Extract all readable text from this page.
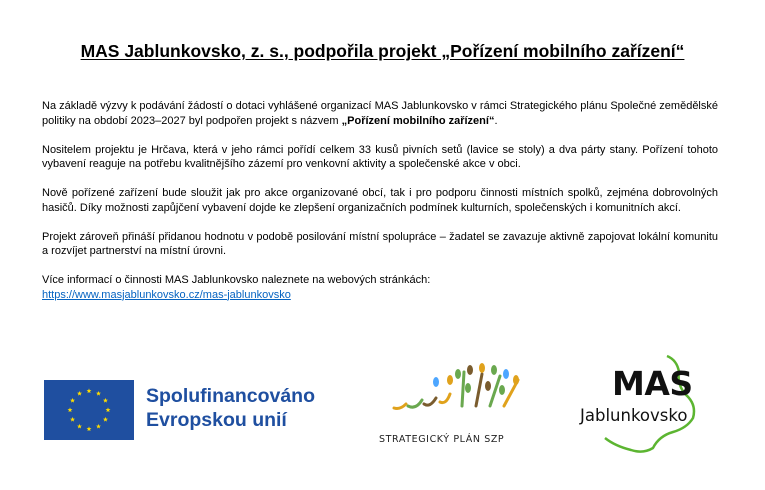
MAS Jablunkovsko, z. s., podpořila projekt „Pořízení mobilního zařízení“

Na základě výzvy k podávání žádostí o dotaci vyhlášené organizací MAS Jablunkovsko v rámci Strategického plánu Společné zemědělské politiky na období 2023–2027 byl podpořen projekt s názvem „Pořízení mobilního zařízení“.

Nositelem projektu je Hrčava, která v jeho rámci pořídí celkem 33 kusů pivních setů (lavice se stoly) a dva párty stany. Pořízení tohoto vybavení reaguje na potřebu kvalitnějšího zázemí pro venkovní aktivity a společenské akce v obci.

Nově pořízené zařízení bude sloužit jak pro akce organizované obcí, tak i pro podporu činnosti místních spolků, zejména dobrovolných hasičů. Díky možnosti zapůjčení vybavení dojde ke zlepšení organizačních podmínek kulturních, společenských i komunitních akcí.

Projekt zároveň přináší přidanou hodnotu v podobě posilování místní spolupráce – žadatel se zavazuje aktivně zapojovat lokální komunitu a rozvíjet partnerství na místní úrovni.

Více informací o činnosti MAS Jablunkovsko naleznete na webových stránkách:
https://www.masjablunkovsko.cz/mas-jablunkovsko

Spolufinancováno
Evropskou unií
STRATEGICKÝ PLÁN SZP
MAS
Jablunkovsko
